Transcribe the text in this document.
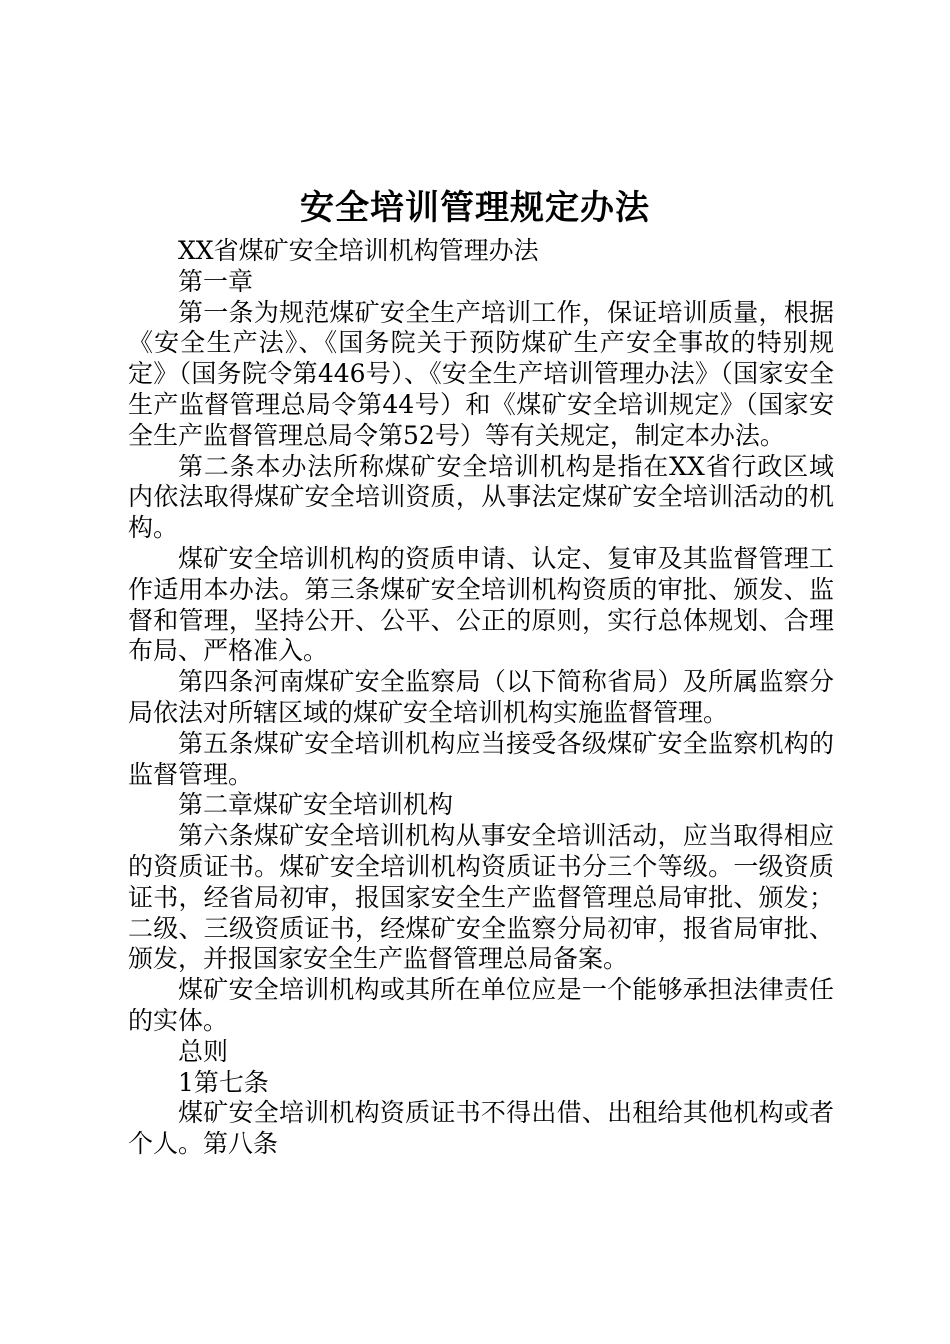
安全培训管理规定办法

XX省煤矿安全培训机构管理办法

第一章

第一条为规范煤矿安全生产培训工作，保证培训质量，根据《安全生产法》、《国务院关于预防煤矿生产安全事故的特别规定》（国务院令第446号）、《安全生产培训管理办法》（国家安全生产监督管理总局令第44号）和《煤矿安全培训规定》（国家安全生产监督管理总局令第52号）等有关规定，制定本办法。

第二条本办法所称煤矿安全培训机构是指在XX省行政区域内依法取得煤矿安全培训资质，从事法定煤矿安全培训活动的机构。

煤矿安全培训机构的资质申请、认定、复审及其监督管理工作适用本办法。第三条煤矿安全培训机构资质的审批、颁发、监督和管理，坚持公开、公平、公正的原则，实行总体规划、合理布局、严格准入。

第四条河南煤矿安全监察局（以下简称省局）及所属监察分局依法对所辖区域的煤矿安全培训机构实施监督管理。

第五条煤矿安全培训机构应当接受各级煤矿安全监察机构的监督管理。

第二章煤矿安全培训机构

第六条煤矿安全培训机构从事安全培训活动，应当取得相应的资质证书。煤矿安全培训机构资质证书分三个等级。一级资质证书，经省局初审，报国家安全生产监督管理总局审批、颁发；二级、三级资质证书，经煤矿安全监察分局初审，报省局审批、颁发，并报国家安全生产监督管理总局备案。

煤矿安全培训机构或其所在单位应是一个能够承担法律责任的实体。

总则

1第七条

煤矿安全培训机构资质证书不得出借、出租给其他机构或者个人。第八条
